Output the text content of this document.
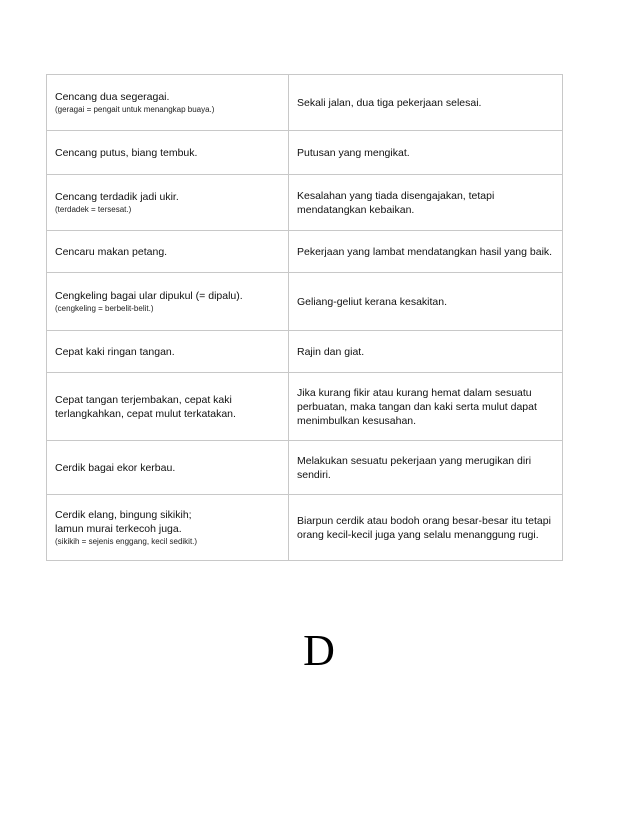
Cencang dua segeragai.
(geragai = pengait untuk menangkap buaya.)	Sekali jalan, dua tiga pekerjaan selesai.

Cencang putus, biang tembuk.	Putusan yang mengikat.

Cencang terdadik jadi ukir.
(terdadek = tersesat.)	Kesalahan yang tiada disengajakan, tetapi mendatangkan kebaikan.

Cencaru makan petang.	Pekerjaan yang lambat mendatangkan hasil yang baik.

Cengkeling bagai ular dipukul (= dipalu).
(cengkeling = berbelit-belit.)	Geliang-geliut kerana kesakitan.

Cepat kaki ringan tangan.	Rajin dan giat.

Cepat tangan terjembakan, cepat kaki terlangkahkan, cepat mulut terkatakan.	Jika kurang fikir atau kurang hemat dalam sesuatu perbuatan, maka tangan dan kaki serta mulut dapat menimbulkan kesusahan.

Cerdik bagai ekor kerbau.	Melakukan sesuatu pekerjaan yang merugikan diri sendiri.

Cerdik elang, bingung sikikih;
lamun murai terkecoh juga.
(sikikih = sejenis enggang, kecil sedikit.)	Biarpun cerdik atau bodoh orang besar-besar itu tetapi orang kecil-kecil juga yang selalu menanggung rugi.
D
